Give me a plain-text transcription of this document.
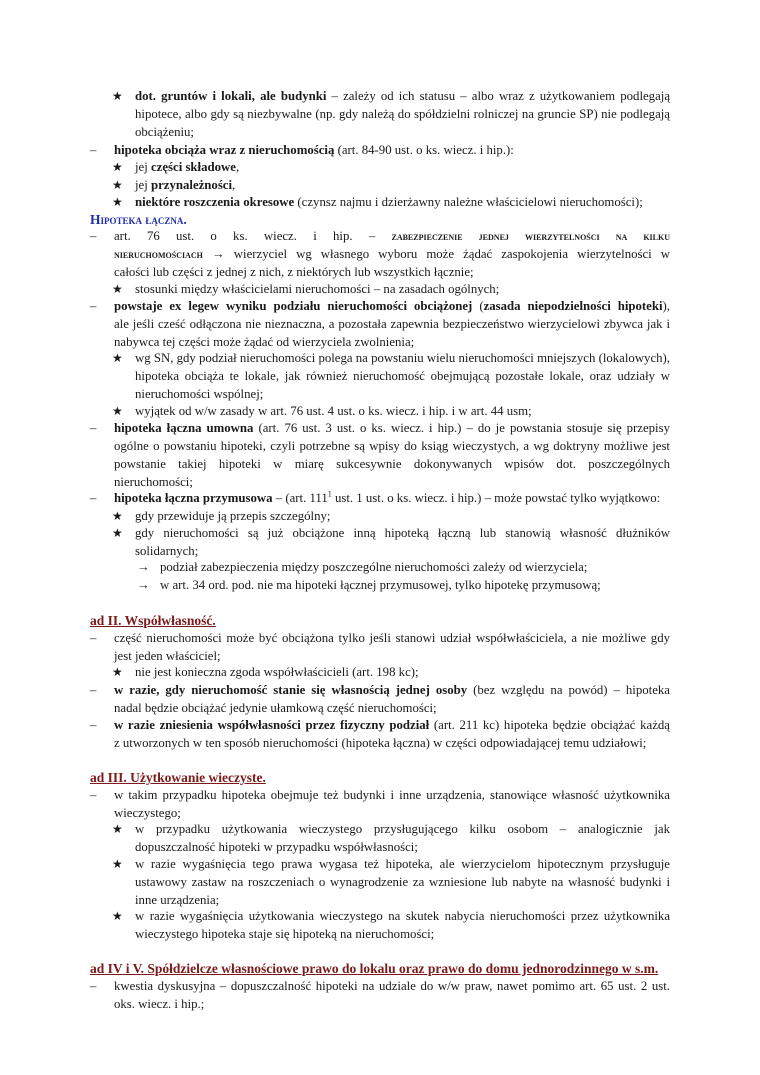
★ dot. gruntów i lokali, ale budynki – zależy od ich statusu – albo wraz z użytkowaniem podlegają
hipotece, albo gdy są niezbywalne (np. gdy należą do spółdzielni rolniczej na gruncie SP) nie podlegają
obciążeniu;
– hipoteka obciąża wraz z nieruchomością (art. 84-90 ust. o ks. wiecz. i hip.):
★ jej części składowe,
★ jej przynależności,
★ niektóre roszczenia okresowe (czynsz najmu i dzierżawny należne właścicielowi nieruchomości);
Hipoteka łączna.
– art. 76 ust. o ks. wiecz. i hip. – zabezpieczenie jednej wierzytelności na kilku
nieruchomościach → wierzyciel wg własnego wyboru może żądać zaspokojenia wierzytelności w
całości lub części z jednej z nich, z niektórych lub wszystkich łącznie;
★ stosunki między właścicielami nieruchomości – na zasadach ogólnych;
– powstaje ex legew wyniku podziału nieruchomości obciążonej (zasada niepodzielności hipoteki),
ale jeśli cześć odłączona nie nieznaczna, a pozostała zapewnia bezpieczeństwo wierzycielowi zbywca jak i
nabywca tej części może żądać od wierzyciela zwolnienia;
★ wg SN, gdy podział nieruchomości polega na powstaniu wielu nieruchomości mniejszych (lokalowych),
hipoteka obciąża te lokale, jak również nieruchomość obejmującą pozostałe lokale, oraz udziały w
nieruchomości wspólnej;
★ wyjątek od w/w zasady w art. 76 ust. 4 ust. o ks. wiecz. i hip. i w art. 44 usm;
– hipoteka łączna umowna (art. 76 ust. 3 ust. o ks. wiecz. i hip.) – do je powstania stosuje się przepisy
ogólne o powstaniu hipoteki, czyli potrzebne są wpisy do ksiąg wieczystych, a wg doktryny możliwe jest
powstanie takiej hipoteki w miarę sukcesywnie dokonywanych wpisów dot. poszczególnych
nieruchomości;
– hipoteka łączna przymusowa – (art. $111^1$ ust. 1 ust. o ks. wiecz. i hip.) – może powstać tylko wyjątkowo:
★ gdy przewiduje ją przepis szczególny;
★ gdy nieruchomości są już obciążone inną hipoteką łączną lub stanowią własność dłużników
solidarnych;
→ podział zabezpieczenia między poszczególne nieruchomości zależy od wierzyciela;
→ w art. 34 ord. pod. nie ma hipoteki łącznej przymusowej, tylko hipotekę przymusową;
ad II. Współwłasność.
– część nieruchomości może być obciążona tylko jeśli stanowi udział współwłaściciela, a nie możliwe gdy
jest jeden właściciel;
★ nie jest konieczna zgoda współwłaścicieli (art. 198 kc);
– w razie, gdy nieruchomość stanie się własnością jednej osoby (bez względu na powód) – hipoteka
nadal będzie obciążać jedynie ułamkową część nieruchomości;
– w razie zniesienia współwłasności przez fizyczny podział (art. 211 kc) hipoteka będzie obciążać każdą
z utworzonych w ten sposób nieruchomości (hipoteka łączna) w części odpowiadającej temu udziałowi;
ad III. Użytkowanie wieczyste.
– w takim przypadku hipoteka obejmuje też budynki i inne urządzenia, stanowiące własność użytkownika
wieczystego;
★ w przypadku użytkowania wieczystego przysługującego kilku osobom – analogicznie jak
dopuszczalność hipoteki w przypadku współwłasności;
★ w razie wygaśnięcia tego prawa wygasa też hipoteka, ale wierzycielom hipotecznym przysługuje
ustawowy zastaw na roszczeniach o wynagrodzenie za wzniesione lub nabyte na własność budynki i
inne urządzenia;
★ w razie wygaśnięcia użytkowania wieczystego na skutek nabycia nieruchomości przez użytkownika
wieczystego hipoteka staje się hipoteką na nieruchomości;
ad IV i V. Spółdzielcze własnościowe prawo do lokalu oraz prawo do domu jednorodzinnego w s.m.
– kwestia dyskusyjna – dopuszczalność hipoteki na udziale do w/w praw, nawet pomimo art. 65 ust. 2 ust.
oks. wiecz. i hip.;
